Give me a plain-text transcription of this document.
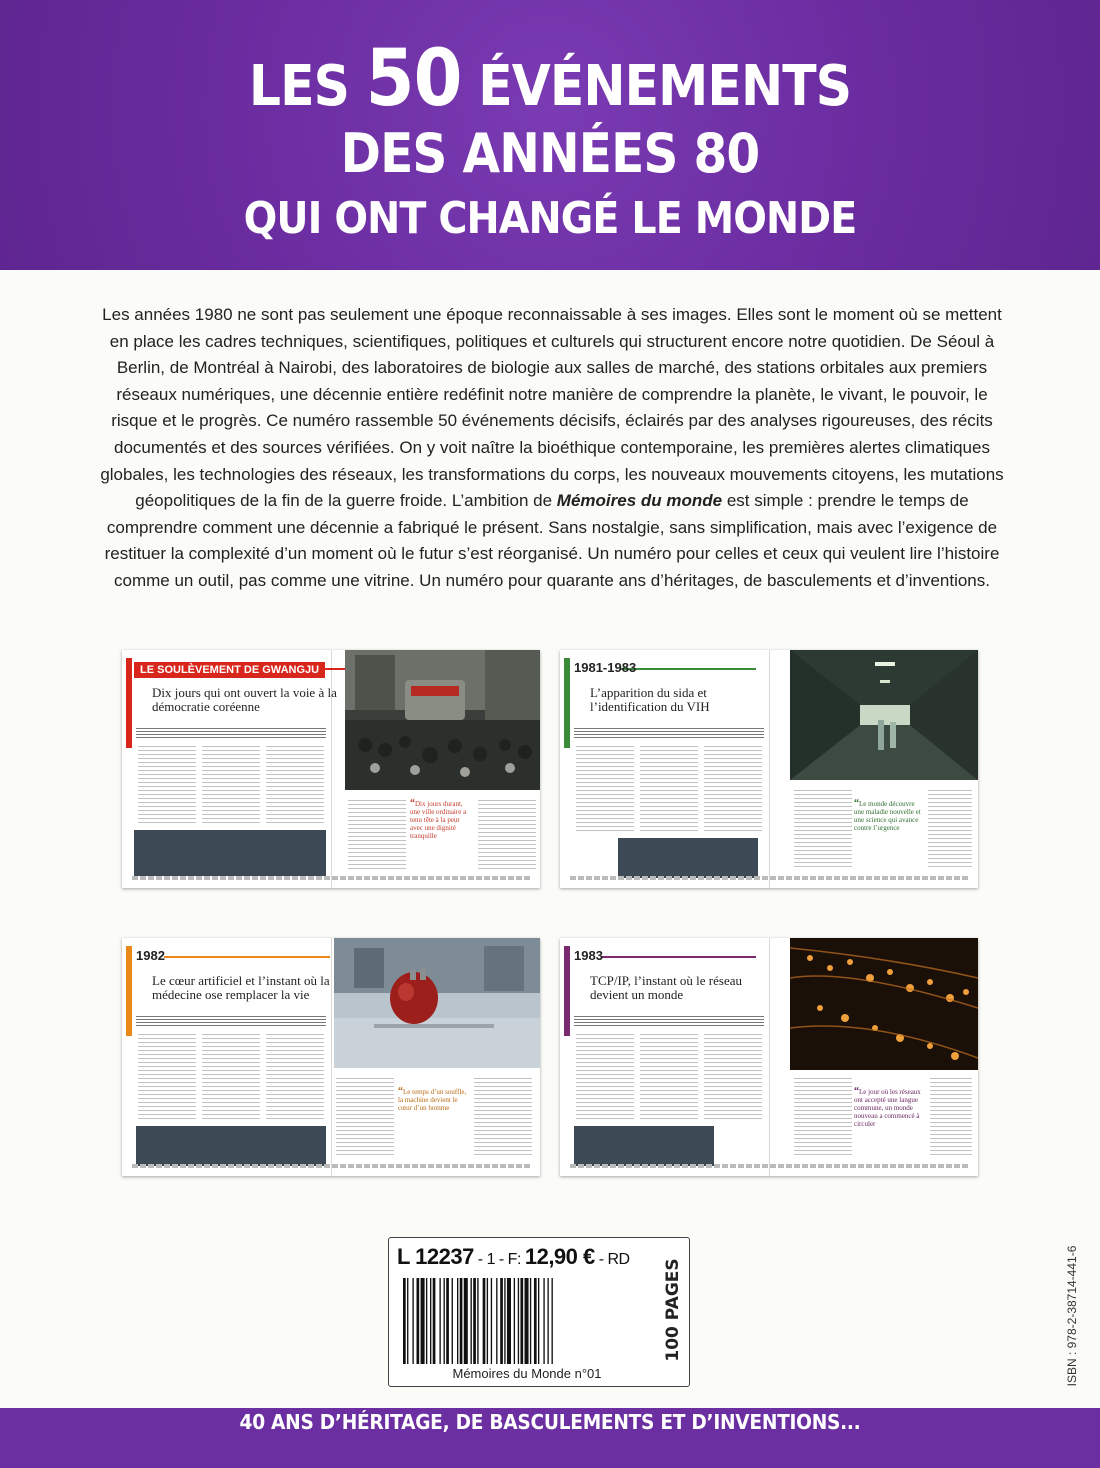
LES 50 ÉVÉNEMENTS
DES ANNÉES 80
QUI ONT CHANGÉ LE MONDE

Les années 1980 ne sont pas seulement une époque reconnaissable à ses images. Elles sont le moment où se mettent en place les cadres techniques, scientifiques, politiques et culturels qui structurent encore notre quotidien. De Séoul à Berlin, de Montréal à Nairobi, des laboratoires de biologie aux salles de marché, des stations orbitales aux premiers réseaux numériques, une décennie entière redéfinit notre manière de comprendre la planète, le vivant, le pouvoir, le risque et le progrès. Ce numéro rassemble 50 événements décisifs, éclairés par des analyses rigoureuses, des récits documentés et des sources vérifiées. On y voit naître la bioéthique contemporaine, les premières alertes climatiques globales, les technologies des réseaux, les transformations du corps, les nouveaux mouvements citoyens, les mutations géopolitiques de la fin de la guerre froide. L’ambition de Mémoires du monde est simple : prendre le temps de comprendre comment une décennie a fabriqué le présent. Sans nostalgie, sans simplification, mais avec l’exigence de restituer la complexité d’un moment où le futur s’est réorganisé. Un numéro pour celles et ceux qui veulent lire l’histoire comme un outil, pas comme une vitrine. Un numéro pour quarante ans d’héritages, de basculements et d’inventions.

LE SOULÈVEMENT DE GWANGJU
Dix jours qui ont ouvert la voie à la démocratie coréenne
“Dix jours durant, une ville ordinaire a tenu tête à la peur avec une dignité tranquille
1981-1983
L’apparition du sida et l’identification du VIH
“Le monde découvre une maladie nouvelle et une science qui avance contre l’urgence
1982
Le cœur artificiel et l’instant où la médecine ose remplacer la vie
“Le temps d’un souffle, la machine devient le cœur d’un homme
1983
TCP/IP, l’instant où le réseau devient un monde
“Le jour où les réseaux ont accepté une langue commune, un monde nouveau a commencé à circuler
L 12237 - 1 - F: 12,90 € - RD
Mémoires du Monde n°01
100 PAGES	ISBN : 978-2-38714-441-6
40 ANS D’HÉRITAGE, DE BASCULEMENTS ET D’INVENTIONS...
